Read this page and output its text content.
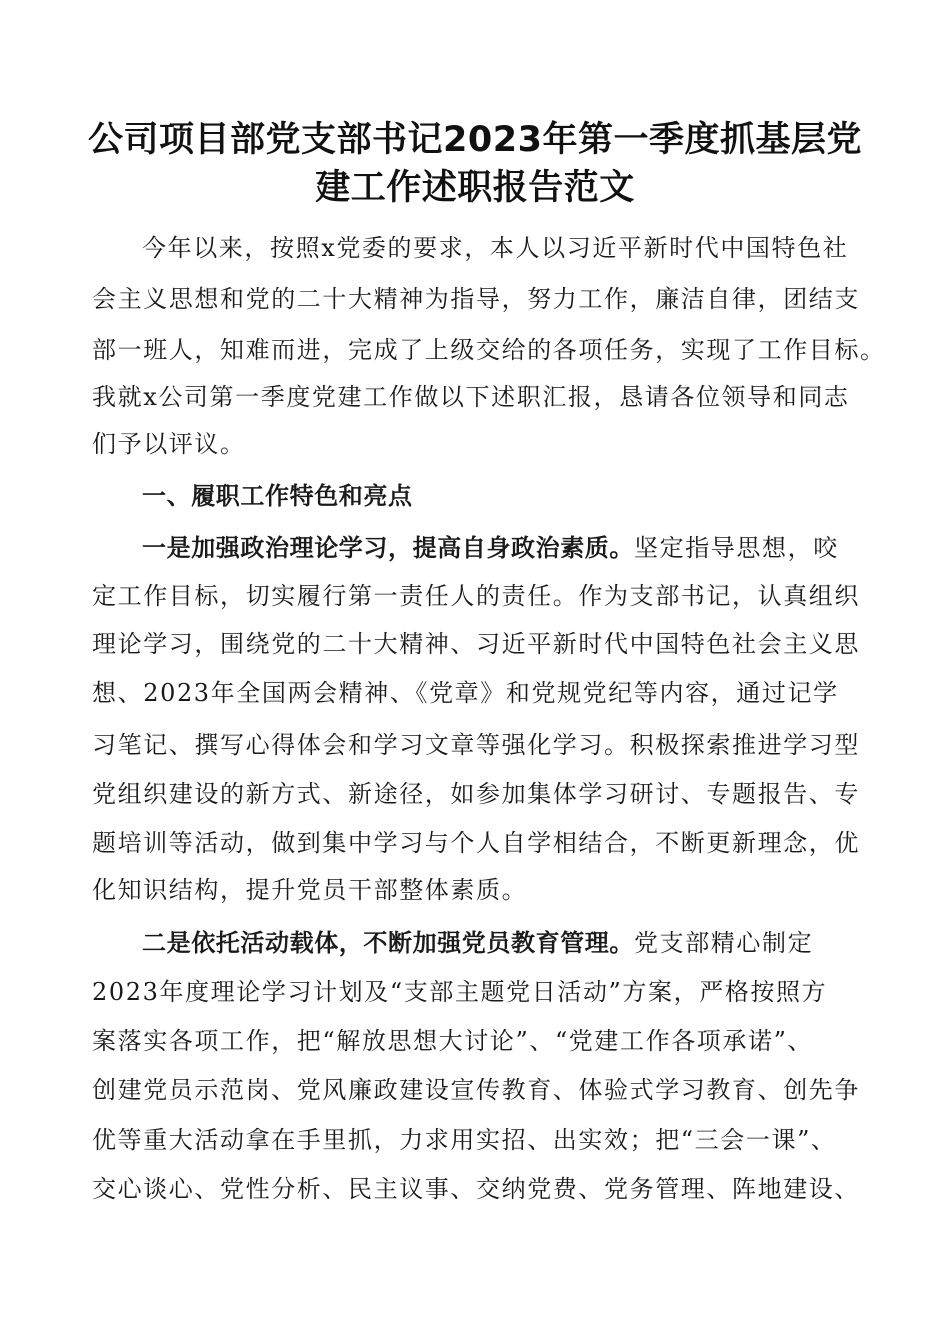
公司项目部党支部书记2023年第一季度抓基层党
建工作述职报告范文
今年以来，按照x党委的要求，本人以习近平新时代中国特色社
会主义思想和党的二十大精神为指导，努力工作，廉洁自律，团结支
部一班人，知难而进，完成了上级交给的各项任务，实现了工作目标。
我就x公司第一季度党建工作做以下述职汇报，恳请各位领导和同志
们予以评议。
一、履职工作特色和亮点
一是加强政治理论学习，提高自身政治素质。坚定指导思想，咬
定工作目标，切实履行第一责任人的责任。作为支部书记，认真组织
理论学习，围绕党的二十大精神、习近平新时代中国特色社会主义思
想、2023年全国两会精神、《党章》和党规党纪等内容，通过记学
习笔记、撰写心得体会和学习文章等强化学习。积极探索推进学习型
党组织建设的新方式、新途径，如参加集体学习研讨、专题报告、专
题培训等活动，做到集中学习与个人自学相结合，不断更新理念，优
化知识结构，提升党员干部整体素质。
二是依托活动载体，不断加强党员教育管理。党支部精心制定
2023年度理论学习计划及“支部主题党日活动”方案，严格按照方
案落实各项工作，把“解放思想大讨论”、“党建工作各项承诺”、
创建党员示范岗、党风廉政建设宣传教育、体验式学习教育、创先争
优等重大活动拿在手里抓，力求用实招、出实效；把“三会一课”、
交心谈心、党性分析、民主议事、交纳党费、党务管理、阵地建设、
